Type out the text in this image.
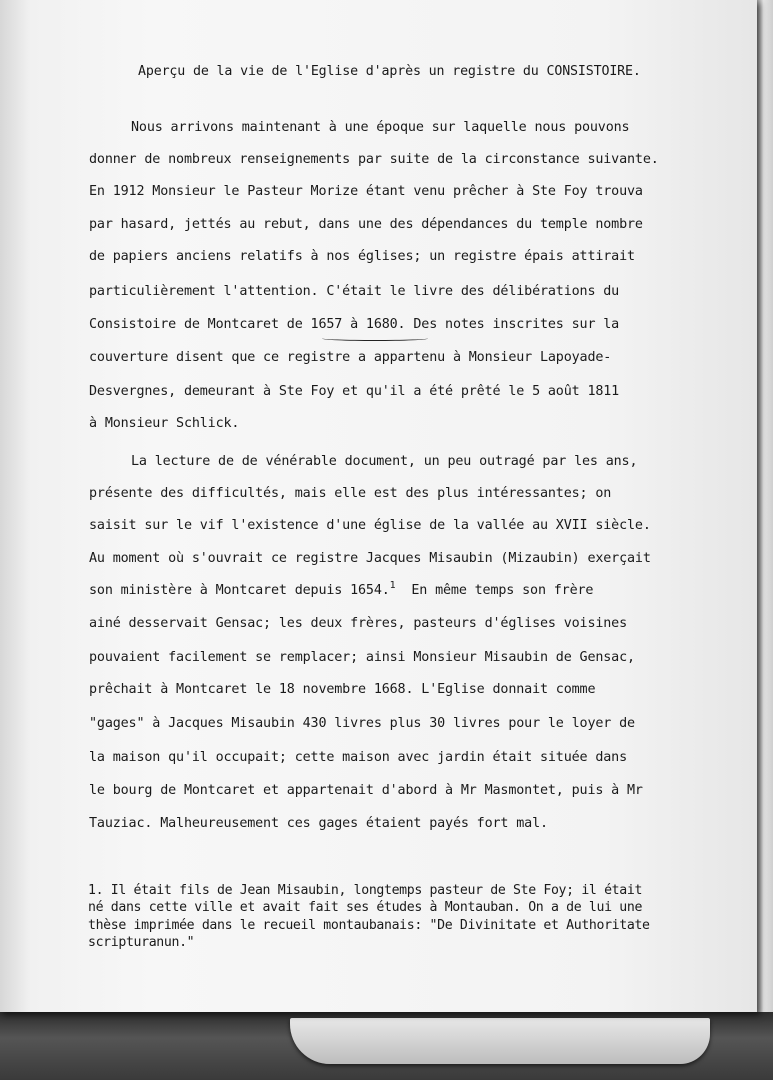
Aperçu de la vie de l'Eglise d'après un registre du CONSISTOIRE.
Nous arrivons maintenant à une époque sur laquelle nous pouvons
donner de nombreux renseignements par suite de la circonstance suivante.
En 1912 Monsieur le Pasteur Morize étant venu prêcher à Ste Foy trouva
par hasard, jettés au rebut, dans une des dépendances du temple nombre
de papiers anciens relatifs à nos églises; un registre épais attirait
particulièrement l'attention. C'était le livre des délibérations du
Consistoire de Montcaret de 1657 à 1680. Des notes inscrites sur la
couverture disent que ce registre a appartenu à Monsieur Lapoyade-
Desvergnes, demeurant à Ste Foy et qu'il a été prêté le 5 août 1811
à Monsieur Schlick.
La lecture de de vénérable document, un peu outragé par les ans,
présente des difficultés, mais elle est des plus intéressantes; on
saisit sur le vif l'existence d'une église de la vallée au XVII siècle.
Au moment où s'ouvrait ce registre Jacques Misaubin (Mizaubin) exerçait
son ministère à Montcaret depuis 1654.$^1$  En même temps son frère
ainé desservait Gensac; les deux frères, pasteurs d'églises voisines
pouvaient facilement se remplacer; ainsi Monsieur Misaubin de Gensac,
prêchait à Montcaret le 18 novembre 1668. L'Eglise donnait comme
"gages" à Jacques Misaubin 430 livres plus 30 livres pour le loyer de
la maison qu'il occupait; cette maison avec jardin était située dans
le bourg de Montcaret et appartenait d'abord à Mr Masmontet, puis à Mr
Tauziac. Malheureusement ces gages étaient payés fort mal.
1. Il était fils de Jean Misaubin, longtemps pasteur de Ste Foy; il était
né dans cette ville et avait fait ses études à Montauban. On a de lui une
thèse imprimée dans le recueil montaubanais: "De Divinitate et Authoritate
scripturanun."
